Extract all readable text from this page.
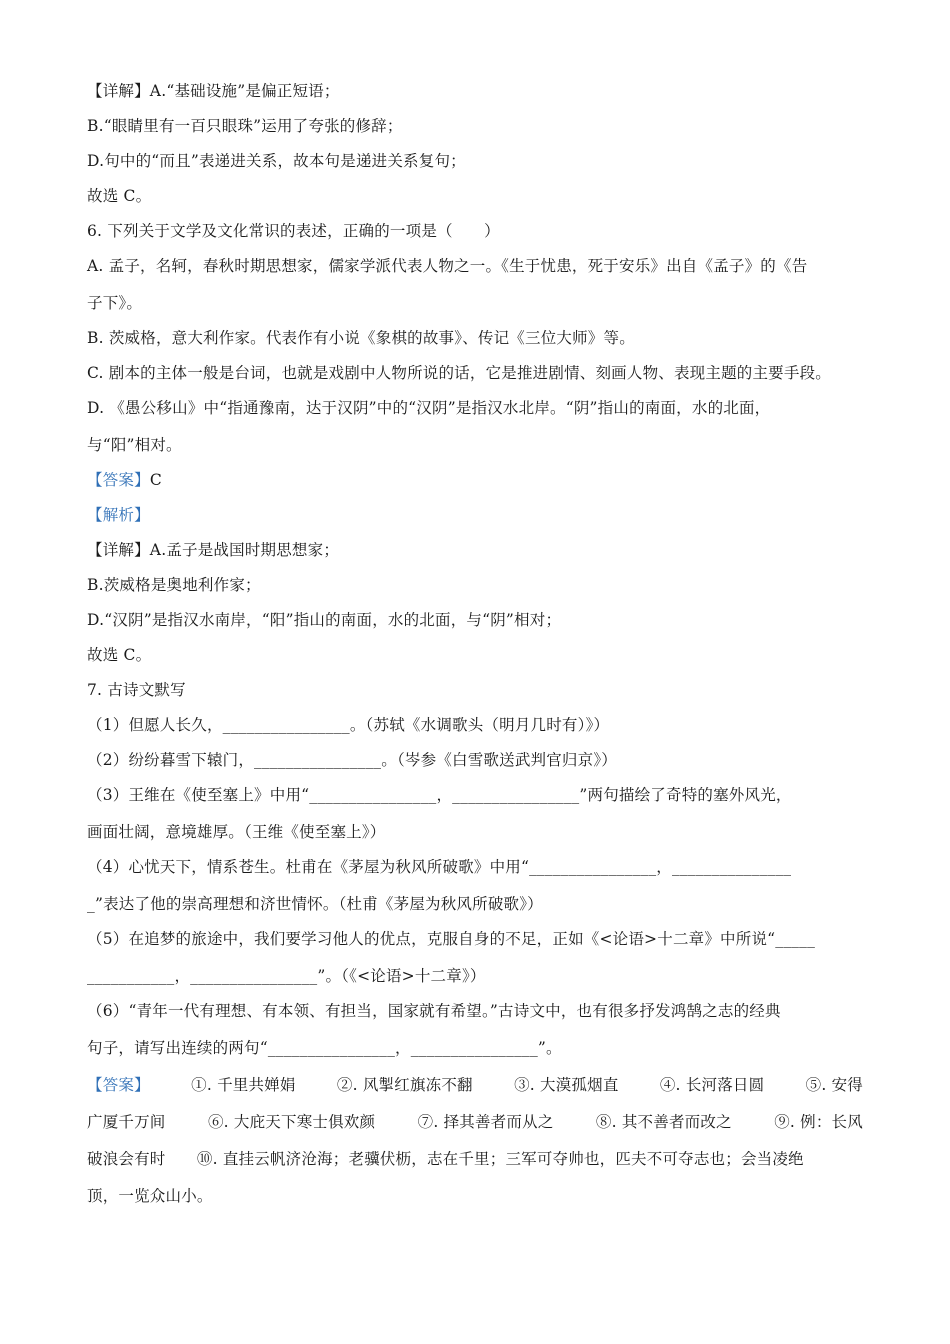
【详解】A.“基础设施”是偏正短语；
B.“眼睛里有一百只眼珠”运用了夸张的修辞；
D.句中的“而且”表递进关系，故本句是递进关系复句；
故选 C。
6. 下列关于文学及文化常识的表述，正确的一项是（　　）
A. 孟子，名轲，春秋时期思想家，儒家学派代表人物之一。《生于忧患，死于安乐》出自《孟子》的《告
子下》。
B. 茨威格，意大利作家。代表作有小说《象棋的故事》、传记《三位大师》等。
C. 剧本的主体一般是台词，也就是戏剧中人物所说的话，它是推进剧情、刻画人物、表现主题的主要手段。
D. 《愚公移山》中“指通豫南，达于汉阴”中的“汉阴”是指汉水北岸。“阴”指山的南面，水的北面，
与“阳”相对。
【答案】C
【解析】
【详解】A.孟子是战国时期思想家；
B.茨威格是奥地利作家；
D.“汉阴”是指汉水南岸，“阳”指山的南面，水的北面，与“阴”相对；
故选 C。
7. 古诗文默写
（1）但愿人长久，________________。（苏轼《水调歌头（明月几时有）》）
（2）纷纷暮雪下辕门，________________。（岑参《白雪歌送武判官归京》）
（3）王维在《使至塞上》中用“________________，________________”两句描绘了奇特的塞外风光，
画面壮阔，意境雄厚。（王维《使至塞上》）
（4）心忧天下，情系苍生。杜甫在《茅屋为秋风所破歌》中用“________________，_______________
_”表达了他的崇高理想和济世情怀。（杜甫《茅屋为秋风所破歌》）
（5）在追梦的旅途中，我们要学习他人的优点，克服自身的不足，正如《<论语>十二章》中所说“_____
___________，________________”。（《<论语>十二章》）
（6）“青年一代有理想、有本领、有担当，国家就有希望。”古诗文中，也有很多抒发鸿鹄之志的经典
句子，请写出连续的两句“________________，________________”。
【答案】	①. 千里共婵娟	②. 风掣红旗冻不翻	③. 大漠孤烟直	④. 长河落日圆	⑤. 安得
广厦千万间	⑥. 大庇天下寒士俱欢颜	⑦. 择其善者而从之	⑧. 其不善者而改之	⑨. 例：长风
破浪会有时　　⑩. 直挂云帆济沧海；老骥伏枥，志在千里；三军可夺帅也，匹夫不可夺志也；会当凌绝
顶，一览众山小。
